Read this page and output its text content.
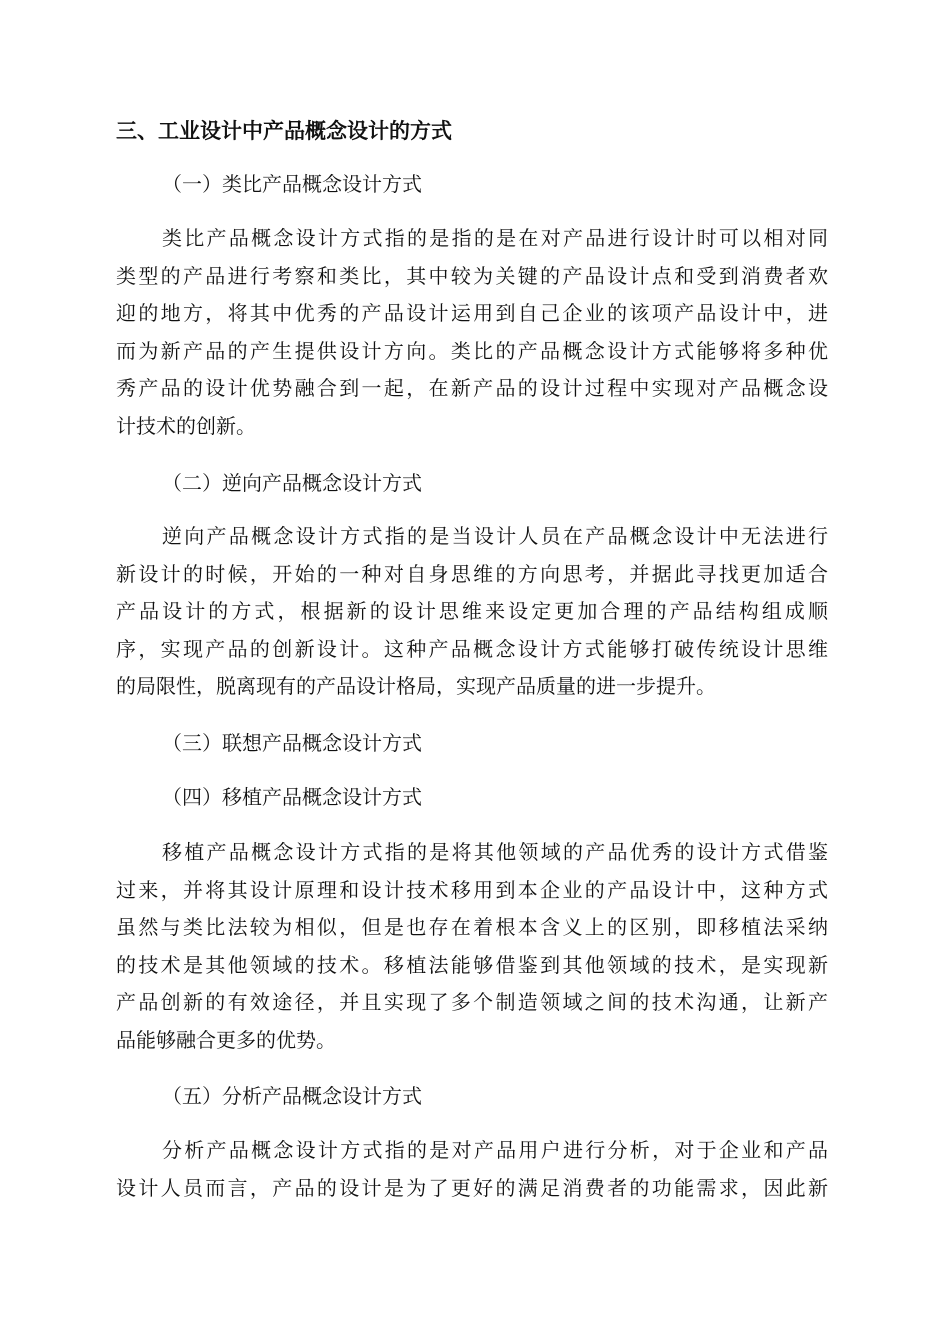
三、工业设计中产品概念设计的方式
（一）类比产品概念设计方式
类比产品概念设计方式指的是指的是在对产品进行设计时可以相对同
类型的产品进行考察和类比，其中较为关键的产品设计点和受到消费者欢
迎的地方，将其中优秀的产品设计运用到自己企业的该项产品设计中，进
而为新产品的产生提供设计方向。类比的产品概念设计方式能够将多种优
秀产品的设计优势融合到一起，在新产品的设计过程中实现对产品概念设
计技术的创新。
（二）逆向产品概念设计方式
逆向产品概念设计方式指的是当设计人员在产品概念设计中无法进行
新设计的时候，开始的一种对自身思维的方向思考，并据此寻找更加适合
产品设计的方式，根据新的设计思维来设定更加合理的产品结构组成顺
序，实现产品的创新设计。这种产品概念设计方式能够打破传统设计思维
的局限性，脱离现有的产品设计格局，实现产品质量的进一步提升。
（三）联想产品概念设计方式
（四）移植产品概念设计方式
移植产品概念设计方式指的是将其他领域的产品优秀的设计方式借鉴
过来，并将其设计原理和设计技术移用到本企业的产品设计中，这种方式
虽然与类比法较为相似，但是也存在着根本含义上的区别，即移植法采纳
的技术是其他领域的技术。移植法能够借鉴到其他领域的技术，是实现新
产品创新的有效途径，并且实现了多个制造领域之间的技术沟通，让新产
品能够融合更多的优势。
（五）分析产品概念设计方式
分析产品概念设计方式指的是对产品用户进行分析，对于企业和产品
设计人员而言，产品的设计是为了更好的满足消费者的功能需求，因此新
